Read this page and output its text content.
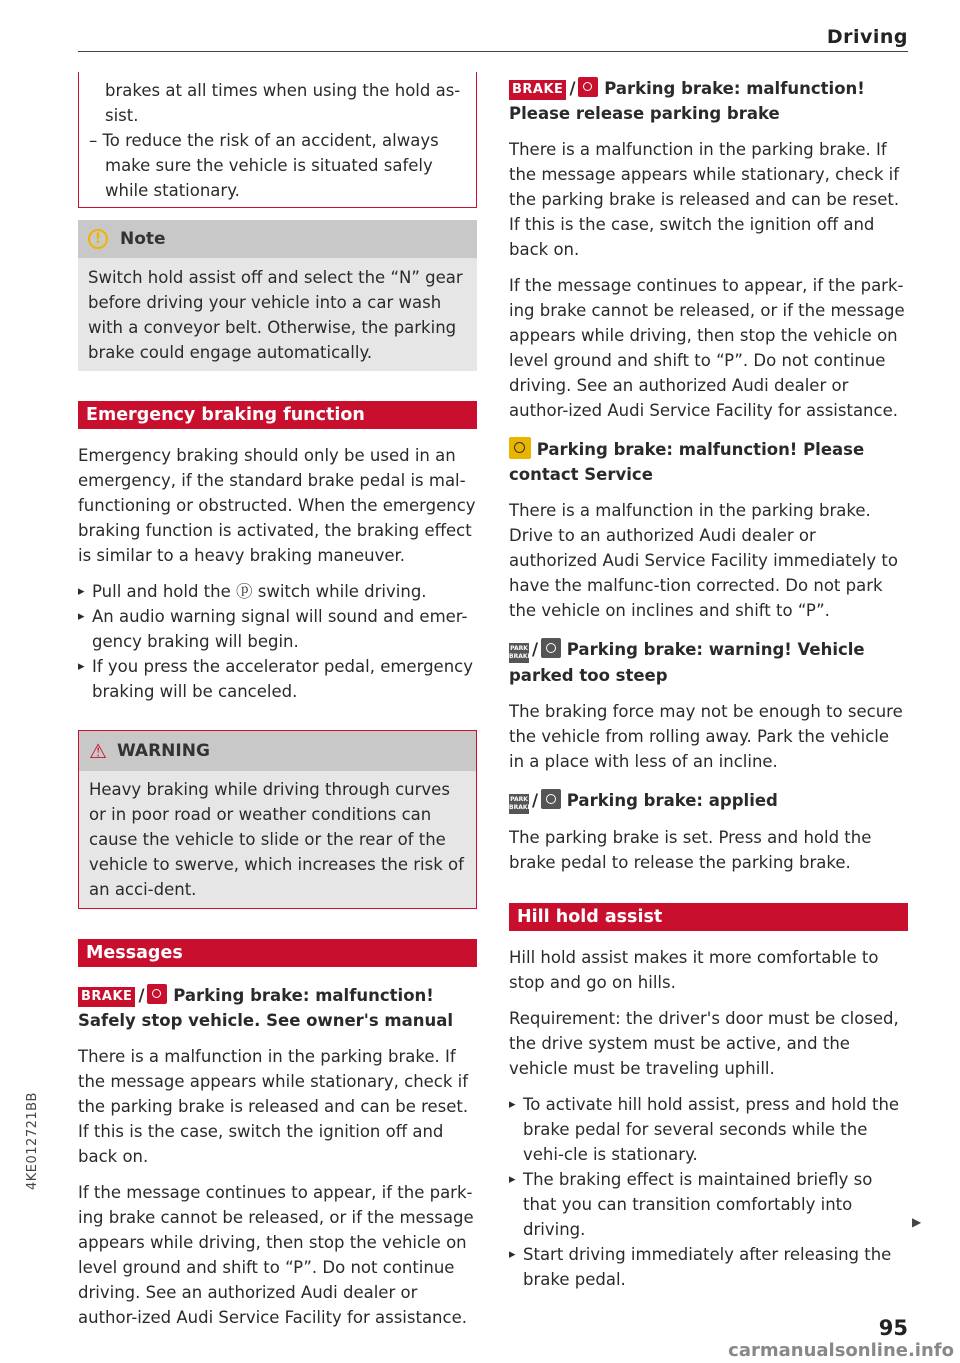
Driving

brakes at all times when using the hold as-

sist.

– To reduce the risk of an accident, always

make sure the vehicle is situated safely

while stationary.

!	Note

Switch hold assist off and select the “N” gear before driving your vehicle into a car wash with a conveyor belt. Otherwise, the parking brake could engage automatically.

Emergency braking function

Emergency braking should only be used in an emergency, if the standard brake pedal is mal-functioning or obstructed. When the emergency braking function is activated, the braking effect is similar to a heavy braking maneuver.

▸ Pull and hold the ⓟ switch while driving.

▸ An audio warning signal will sound and emer-gency braking will begin.

▸ If you press the accelerator pedal, emergency braking will be canceled.

⚠ WARNING

Heavy braking while driving through curves or in poor road or weather conditions can cause the vehicle to slide or the rear of the vehicle to swerve, which increases the risk of an acci-dent.

Messages

BRAKE / Parking brake: malfunction! Safely stop vehicle. See owner's manual

There is a malfunction in the parking brake. If the message appears while stationary, check if the parking brake is released and can be reset. If this is the case, switch the ignition off and back on.

If the message continues to appear, if the park-ing brake cannot be released, or if the message appears while driving, then stop the vehicle on level ground and shift to “P”. Do not continue driving. See an authorized Audi dealer or author-ized Audi Service Facility for assistance.

BRAKE / Parking brake: malfunction! Please release parking brake

There is a malfunction in the parking brake. If the message appears while stationary, check if the parking brake is released and can be reset. If this is the case, switch the ignition off and back on.

If the message continues to appear, if the park-ing brake cannot be released, or if the message appears while driving, then stop the vehicle on level ground and shift to “P”. Do not continue driving. See an authorized Audi dealer or author-ized Audi Service Facility for assistance.

Parking brake: malfunction! Please contact Service

There is a malfunction in the parking brake. Drive to an authorized Audi dealer or authorized Audi Service Facility immediately to have the malfunc-tion corrected. Do not park the vehicle on inclines and shift to “P”.

PARK
BRAKE/ Parking brake: warning! Vehicle parked too steep

The braking force may not be enough to secure the vehicle from rolling away. Park the vehicle in a place with less of an incline.

PARK
BRAKE/ Parking brake: applied

The parking brake is set. Press and hold the brake pedal to release the parking brake.

Hill hold assist

Hill hold assist makes it more comfortable to stop and go on hills.

Requirement: the driver's door must be closed, the drive system must be active, and the vehicle must be traveling uphill.

▸ To activate hill hold assist, press and hold the brake pedal for several seconds while the vehi-cle is stationary.

▸ The braking effect is maintained briefly so that you can transition comfortably into driving.

▸ Start driving immediately after releasing the brake pedal.

▶
4KE012721BB
95
carmanualsonline.info
